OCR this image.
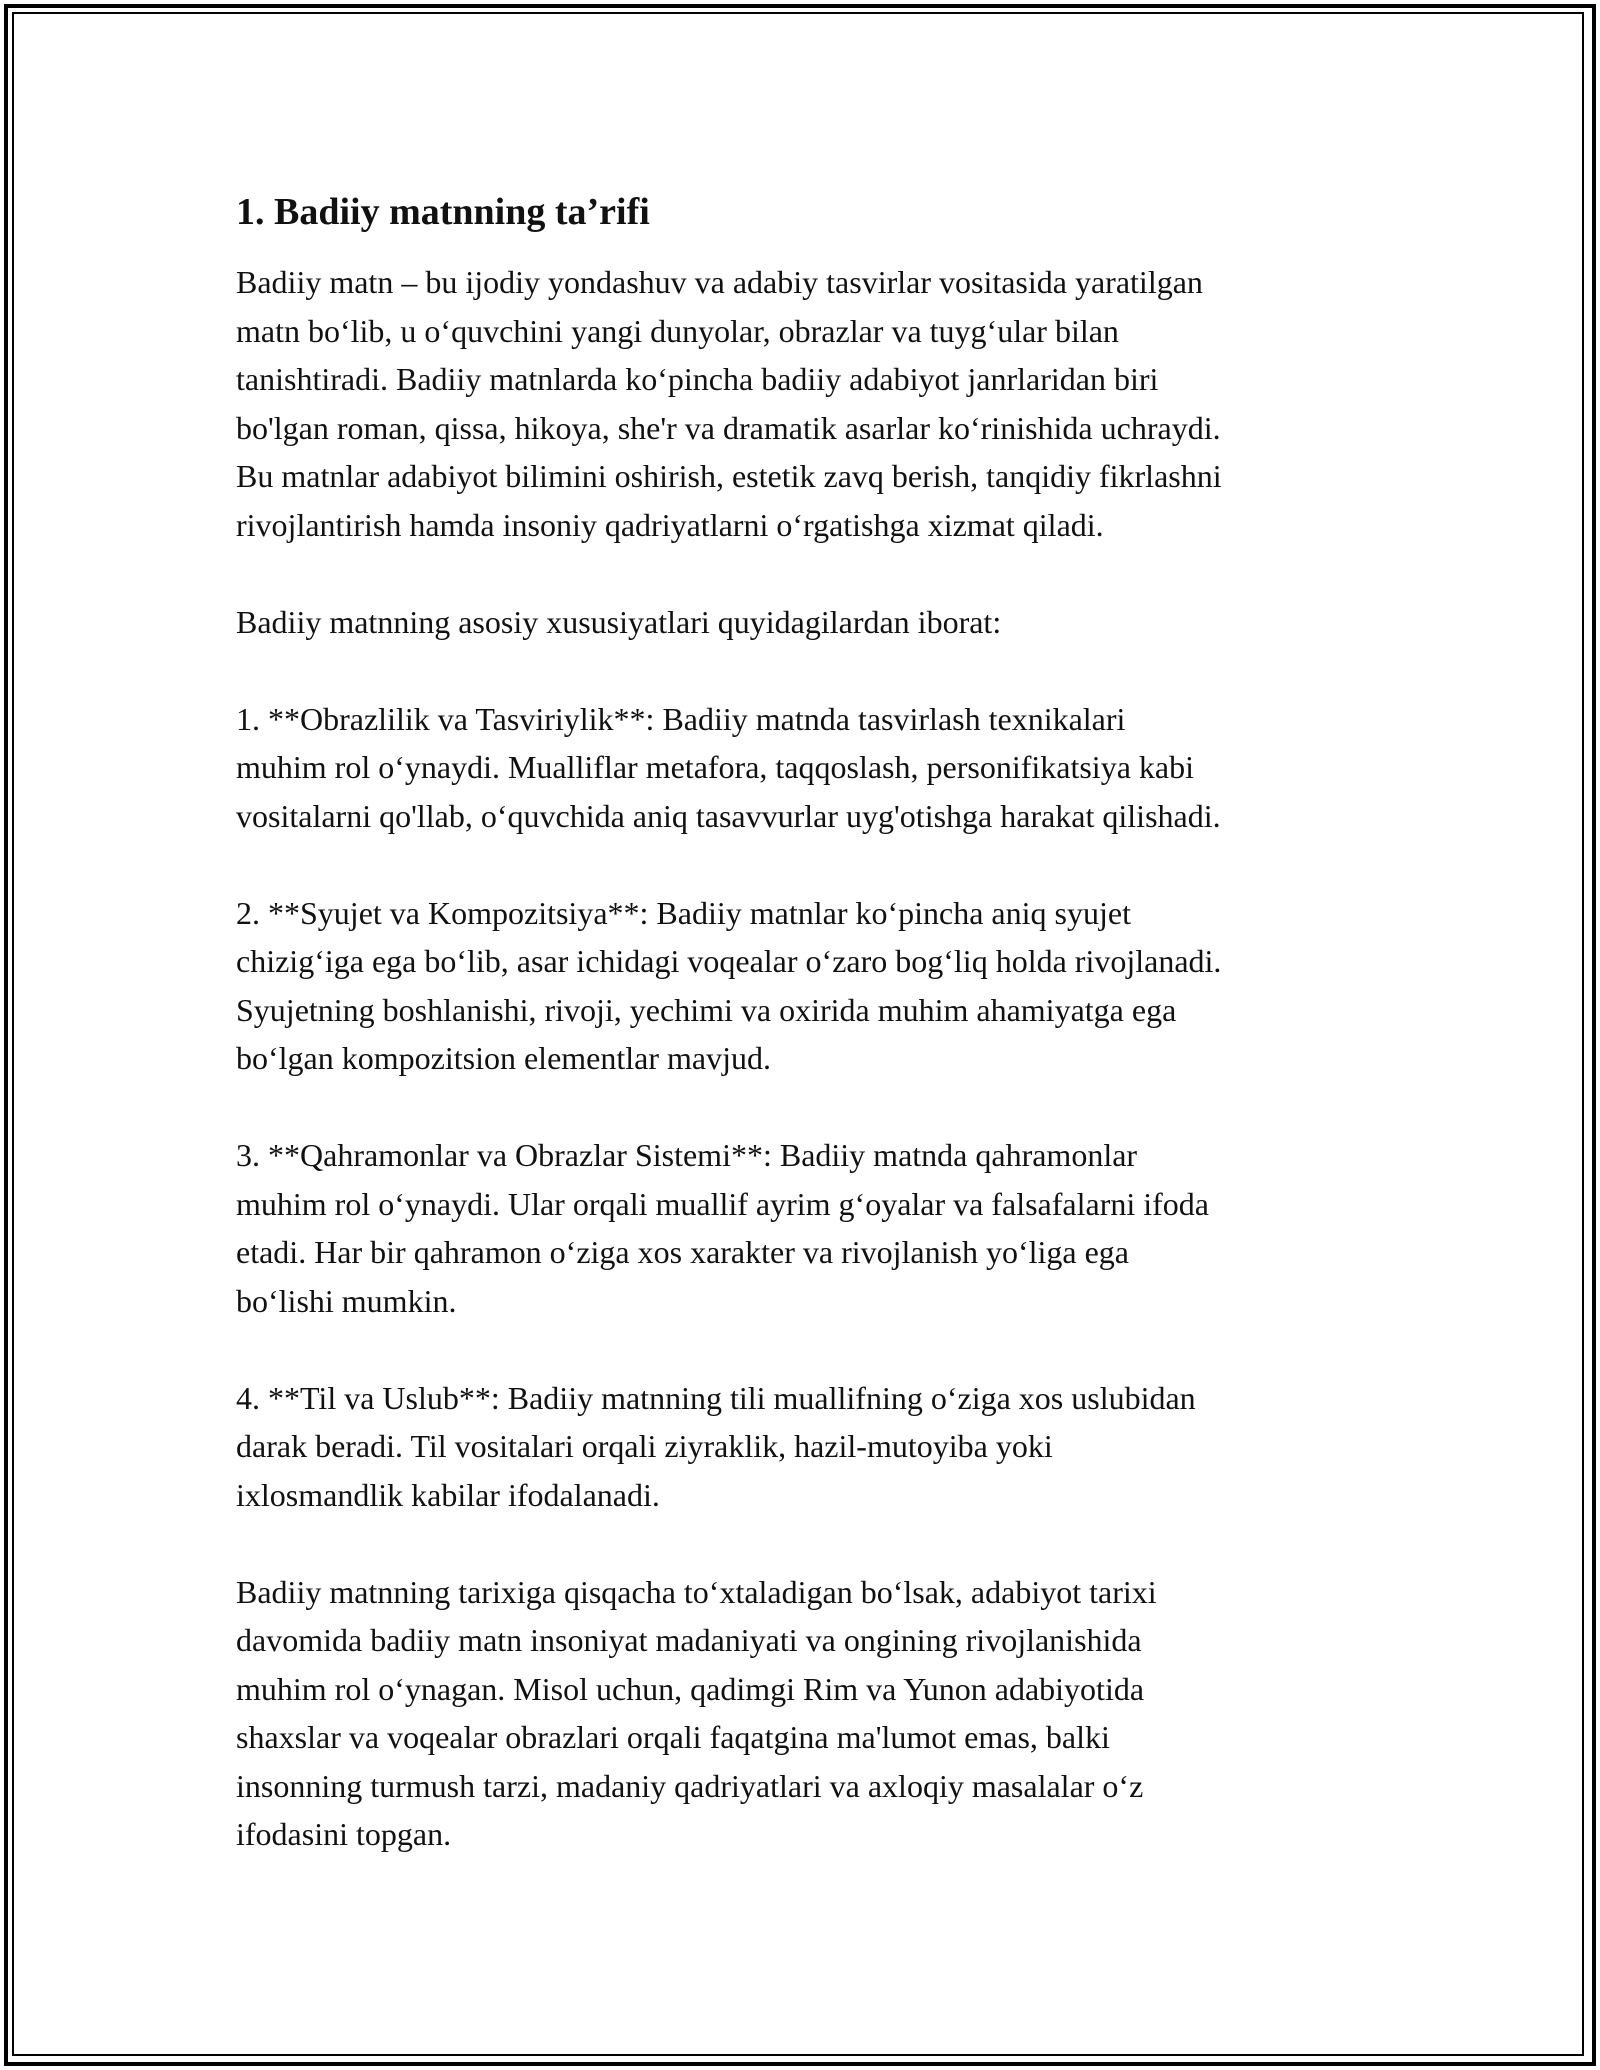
1. Badiiy matnning ta’rifi

Badiiy matn – bu ijodiy yondashuv va adabiy tasvirlar vositasida yaratilgan
matn bo‘lib, u o‘quvchini yangi dunyolar, obrazlar va tuyg‘ular bilan
tanishtiradi. Badiiy matnlarda ko‘pincha badiiy adabiyot janrlaridan biri
bo'lgan roman, qissa, hikoya, she'r va dramatik asarlar ko‘rinishida uchraydi.
Bu matnlar adabiyot bilimini oshirish, estetik zavq berish, tanqidiy fikrlashni
rivojlantirish hamda insoniy qadriyatlarni o‘rgatishga xizmat qiladi.

Badiiy matnning asosiy xususiyatlari quyidagilardan iborat:

1. **Obrazlilik va Tasviriylik**: Badiiy matnda tasvirlash texnikalari
muhim rol o‘ynaydi. Mualliflar metafora, taqqoslash, personifikatsiya kabi
vositalarni qo'llab, o‘quvchida aniq tasavvurlar uyg'otishga harakat qilishadi.

2. **Syujet va Kompozitsiya**: Badiiy matnlar ko‘pincha aniq syujet
chizig‘iga ega bo‘lib, asar ichidagi voqealar o‘zaro bog‘liq holda rivojlanadi.
Syujetning boshlanishi, rivoji, yechimi va oxirida muhim ahamiyatga ega
bo‘lgan kompozitsion elementlar mavjud.

3. **Qahramonlar va Obrazlar Sistemi**: Badiiy matnda qahramonlar
muhim rol o‘ynaydi. Ular orqali muallif ayrim g‘oyalar va falsafalarni ifoda
etadi. Har bir qahramon o‘ziga xos xarakter va rivojlanish yo‘liga ega
bo‘lishi mumkin.

4. **Til va Uslub**: Badiiy matnning tili muallifning o‘ziga xos uslubidan
darak beradi. Til vositalari orqali ziyraklik, hazil-mutoyiba yoki
ixlosmandlik kabilar ifodalanadi.

Badiiy matnning tarixiga qisqacha to‘xtaladigan bo‘lsak, adabiyot tarixi
davomida badiiy matn insoniyat madaniyati va ongining rivojlanishida
muhim rol o‘ynagan. Misol uchun, qadimgi Rim va Yunon adabiyotida
shaxslar va voqealar obrazlari orqali faqatgina ma'lumot emas, balki
insonning turmush tarzi, madaniy qadriyatlari va axloqiy masalalar o‘z
ifodasini topgan.
